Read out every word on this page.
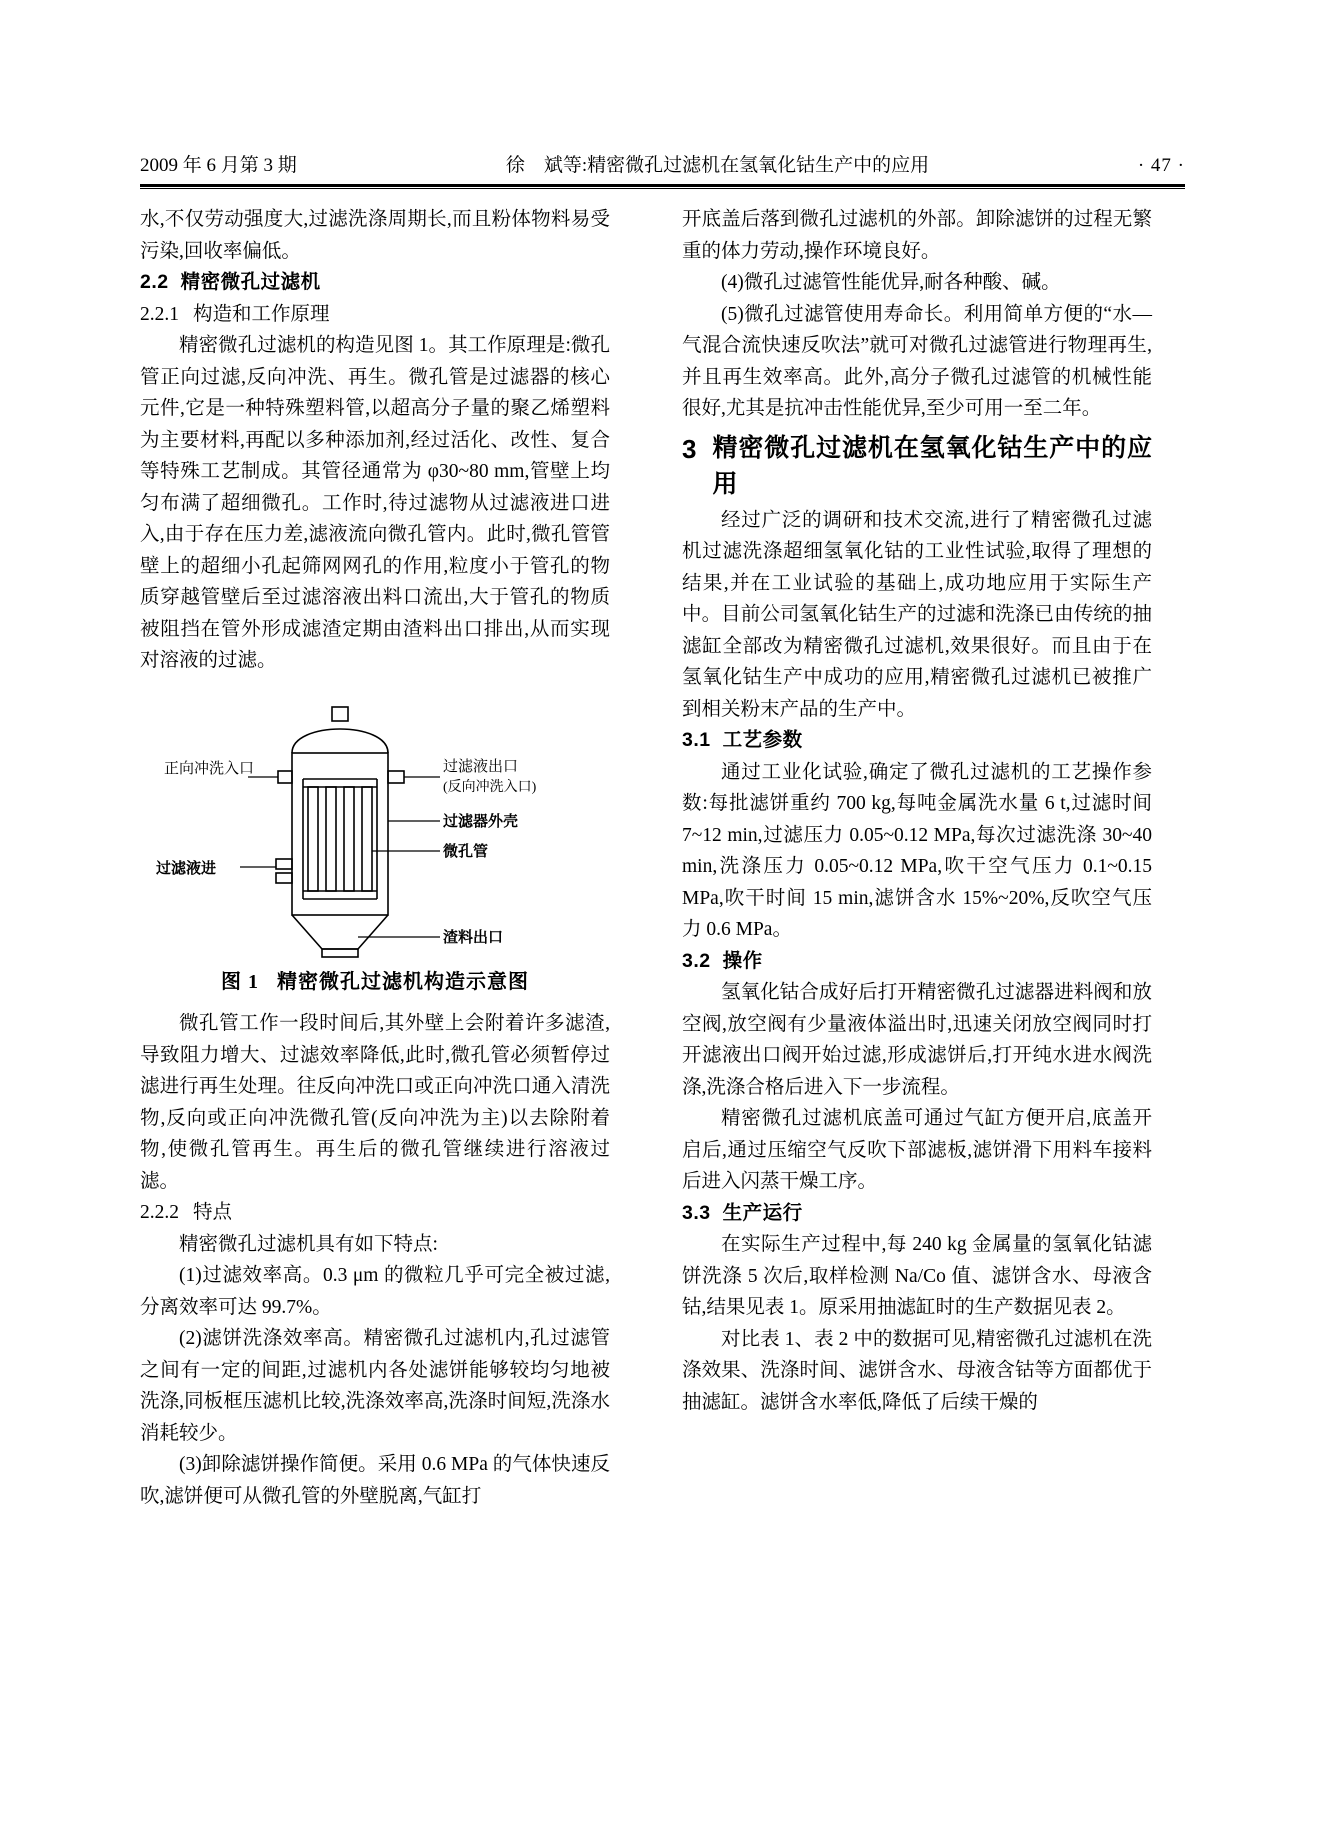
2009 年 6 月第 3 期	徐　斌等:精密微孔过滤机在氢氧化钴生产中的应用	· 47 ·

水,不仅劳动强度大,过滤洗涤周期长,而且粉体物料易受污染,回收率偏低。

2.2 精密微孔过滤机

2.2.1 构造和工作原理

精密微孔过滤机的构造见图 1。其工作原理是:微孔管正向过滤,反向冲洗、再生。微孔管是过滤器的核心元件,它是一种特殊塑料管,以超高分子量的聚乙烯塑料为主要材料,再配以多种添加剂,经过活化、改性、复合等特殊工艺制成。其管径通常为 φ30~80 mm,管壁上均匀布满了超细微孔。工作时,待过滤物从过滤液进口进入,由于存在压力差,滤液流向微孔管内。此时,微孔管管壁上的超细小孔起筛网网孔的作用,粒度小于管孔的物质穿越管壁后至过滤溶液出料口流出,大于管孔的物质被阻挡在管外形成滤渣定期由渣料出口排出,从而实现对溶液的过滤。

正向冲洗入口	过滤液出口
(反向冲洗入口)
过滤器外壳
微孔管
过滤液进
渣料出口

图 1 精密微孔过滤机构造示意图

微孔管工作一段时间后,其外壁上会附着许多滤渣,导致阻力增大、过滤效率降低,此时,微孔管必须暂停过滤进行再生处理。往反向冲洗口或正向冲洗口通入清洗物,反向或正向冲洗微孔管(反向冲洗为主)以去除附着物,使微孔管再生。再生后的微孔管继续进行溶液过滤。

2.2.2 特点

精密微孔过滤机具有如下特点:

(1)过滤效率高。0.3 μm 的微粒几乎可完全被过滤,分离效率可达 99.7%。

(2)滤饼洗涤效率高。精密微孔过滤机内,孔过滤管之间有一定的间距,过滤机内各处滤饼能够较均匀地被洗涤,同板框压滤机比较,洗涤效率高,洗涤时间短,洗涤水消耗较少。

(3)卸除滤饼操作简便。采用 0.6 MPa 的气体快速反吹,滤饼便可从微孔管的外壁脱离,气缸打

开底盖后落到微孔过滤机的外部。卸除滤饼的过程无繁重的体力劳动,操作环境良好。

(4)微孔过滤管性能优异,耐各种酸、碱。

(5)微孔过滤管使用寿命长。利用简单方便的“水—气混合流快速反吹法”就可对微孔过滤管进行物理再生,并且再生效率高。此外,高分子微孔过滤管的机械性能很好,尤其是抗冲击性能优异,至少可用一至二年。

3 精密微孔过滤机在氢氧化钴生产中的应用

经过广泛的调研和技术交流,进行了精密微孔过滤机过滤洗涤超细氢氧化钴的工业性试验,取得了理想的结果,并在工业试验的基础上,成功地应用于实际生产中。目前公司氢氧化钴生产的过滤和洗涤已由传统的抽滤缸全部改为精密微孔过滤机,效果很好。而且由于在氢氧化钴生产中成功的应用,精密微孔过滤机已被推广到相关粉末产品的生产中。

3.1 工艺参数

通过工业化试验,确定了微孔过滤机的工艺操作参数:每批滤饼重约 700 kg,每吨金属洗水量 6 t,过滤时间 7~12 min,过滤压力 0.05~0.12 MPa,每次过滤洗涤 30~40 min,洗涤压力 0.05~0.12 MPa,吹干空气压力 0.1~0.15 MPa,吹干时间 15 min,滤饼含水 15%~20%,反吹空气压力 0.6 MPa。

3.2 操作

氢氧化钴合成好后打开精密微孔过滤器进料阀和放空阀,放空阀有少量液体溢出时,迅速关闭放空阀同时打开滤液出口阀开始过滤,形成滤饼后,打开纯水进水阀洗涤,洗涤合格后进入下一步流程。

精密微孔过滤机底盖可通过气缸方便开启,底盖开启后,通过压缩空气反吹下部滤板,滤饼滑下用料车接料后进入闪蒸干燥工序。

3.3 生产运行

在实际生产过程中,每 240 kg 金属量的氢氧化钴滤饼洗涤 5 次后,取样检测 Na/Co 值、滤饼含水、母液含钴,结果见表 1。原采用抽滤缸时的生产数据见表 2。

对比表 1、表 2 中的数据可见,精密微孔过滤机在洗涤效果、洗涤时间、滤饼含水、母液含钴等方面都优于抽滤缸。滤饼含水率低,降低了后续干燥的
